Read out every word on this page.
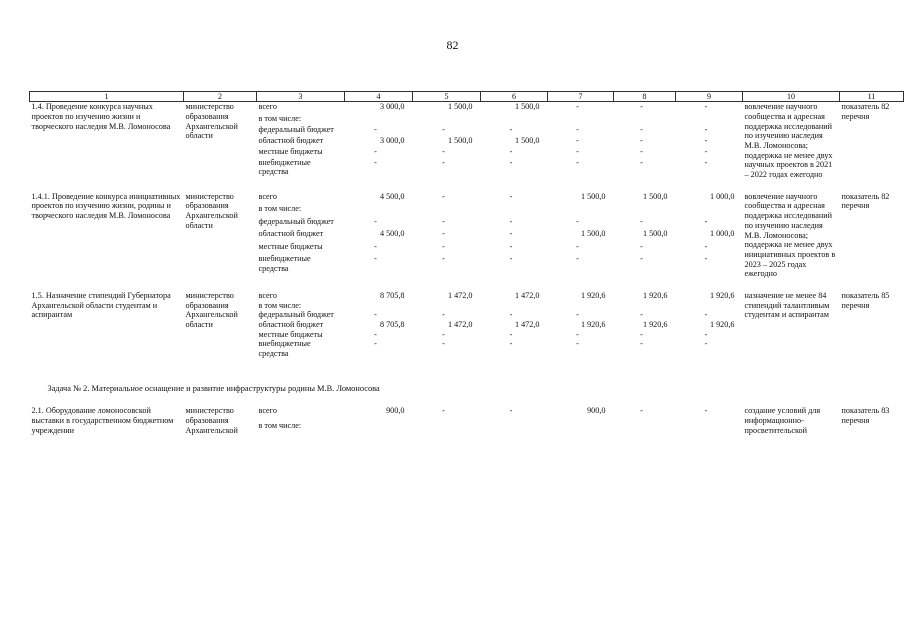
82
1	2	3	4	5	6	7	8	9	10	11
1.4. Проведение конкурса научных проектов по изучению жизни и творческого наследия М.В. Ломоносова	министерство образования Архангельской области	всего	3 000,0	1 500,0	1 500,0	-	-	-	вовлечение научного сообщества и адресная поддержка исследований по изучению наследия М.В. Ломоносова; поддержка не менее двух научных проектов в 2021 – 2022 годах ежегодно	показатель 82 перечня
		в том числе:								
		федеральный бюджет	-	-	-	-	-	-		
		областной бюджет	3 000,0	1 500,0	1 500,0	-	-	-		
		местные бюджеты	-	-	-	-	-	-		
		внебюджетные средства	-	-	-	-	-	-		

1.4.1. Проведение конкурса инициативных проектов по изучению жизни, родины и творческого наследия М.В. Ломоносова	министерство образования Архангельской области	всего	4 500,0	-	-	1 500,0	1 500,0	1 000,0	вовлечение научного сообщества и адресная поддержка исследований по изучению наследия М.В. Ломоносова; поддержка не менее двух инициативных проектов в 2023 – 2025 годах ежегодно	показатель 82 перечня
		в том числе:								
		федеральный бюджет	-	-	-	-	-	-		
		областной бюджет	4 500,0	-	-	1 500,0	1 500,0	1 000,0		
		местные бюджеты	-	-	-	-	-	-		
		внебюджетные средства	-	-	-	-	-	-		

1.5. Назначение стипендий Губернатора Архангельской области студентам и аспирантам	министерство образования Архангельской области	всего	8 705,8	1 472,0	1 472,0	1 920,6	1 920,6	1 920,6	назначение не менее 84 стипендий талантливым студентам и аспирантам	показатель 85 перечня
		в том числе:								
		федеральный бюджет	-	-	-	-	-	-		
		областной бюджет	8 705,8	1 472,0	1 472,0	1 920,6	1 920,6	1 920,6		
		местные бюджеты	-	-	-	-	-	-		
		внебюджетные средства	-	-	-	-	-	-		

Задача № 2. Материальное оснащение и развитие инфраструктуры родины М.В. Ломоносова										
2.1. Оборудование ломоносовской выставки в государственном бюджетном учреждении	министерство образования Архангельской	всего	900,0	-	-	900,0	-	-	создание условий для информационно-просветительской	показатель 83 перечня
		в том числе:								
